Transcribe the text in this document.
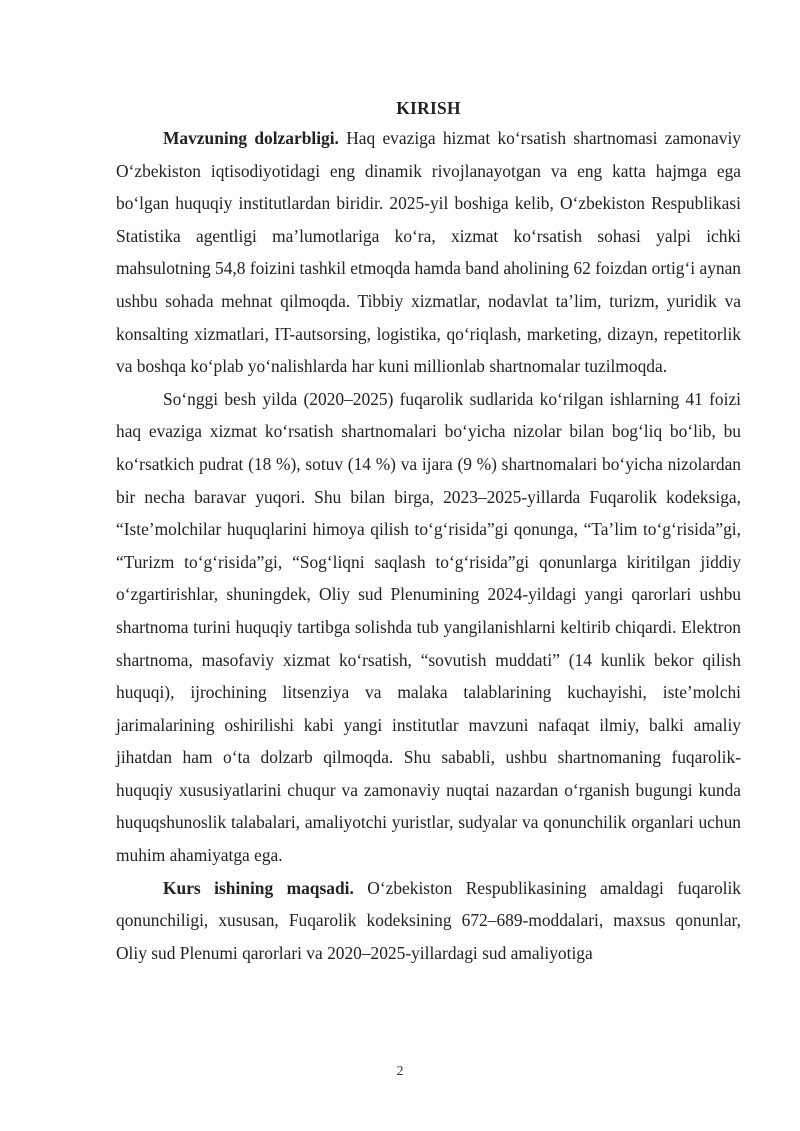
KIRISH

Mavzuning dolzarbligi. Haq evaziga hizmat koʻrsatish shartnomasi zamonaviy Oʻzbekiston iqtisodiyotidagi eng dinamik rivojlanayotgan va eng katta hajmga ega boʻlgan huquqiy institutlardan biridir. 2025-yil boshiga kelib, Oʻzbekiston Respublikasi Statistika agentligi maʼlumotlariga koʻra, xizmat koʻrsatish sohasi yalpi ichki mahsulotning 54,8 foizini tashkil etmoqda hamda band aholining 62 foizdan ortigʻi aynan ushbu sohada mehnat qilmoqda. Tibbiy xizmatlar, nodavlat taʼlim, turizm, yuridik va konsalting xizmatlari, IT-autsorsing, logistika, qoʻriqlash, marketing, dizayn, repetitorlik va boshqa koʻplab yoʻnalishlarda har kuni millionlab shartnomalar tuzilmoqda.

Soʻnggi besh yilda (2020–2025) fuqarolik sudlarida koʻrilgan ishlarning 41 foizi haq evaziga xizmat koʻrsatish shartnomalari boʻyicha nizolar bilan bogʻliq boʻlib, bu koʻrsatkich pudrat (18 %), sotuv (14 %) va ijara (9 %) shartnomalari boʻyicha nizolardan bir necha baravar yuqori. Shu bilan birga, 2023–2025-yillarda Fuqarolik kodeksiga, “Isteʼmolchilar huquqlarini himoya qilish toʻgʻrisida”gi qonunga, “Taʼlim toʻgʻrisida”gi, “Turizm toʻgʻrisida”gi, “Sogʻliqni saqlash toʻgʻrisida”gi qonunlarga kiritilgan jiddiy oʻzgartirishlar, shuningdek, Oliy sud Plenumining 2024-yildagi yangi qarorlari ushbu shartnoma turini huquqiy tartibga solishda tub yangilanishlarni keltirib chiqardi. Elektron shartnoma, masofaviy xizmat koʻrsatish, “sovutish muddati” (14 kunlik bekor qilish huquqi), ijrochining litsenziya va malaka talablarining kuchayishi, isteʼmolchi jarimalarining oshirilishi kabi yangi institutlar mavzuni nafaqat ilmiy, balki amaliy jihatdan ham oʻta dolzarb qilmoqda. Shu sababli, ushbu shartnomaning fuqarolik-huquqiy xususiyatlarini chuqur va zamonaviy nuqtai nazardan oʻrganish bugungi kunda huquqshunoslik talabalari, amaliyotchi yuristlar, sudyalar va qonunchilik organlari uchun muhim ahamiyatga ega.

Kurs ishining maqsadi. Oʻzbekiston Respublikasining amaldagi fuqarolik qonunchiligi, xususan, Fuqarolik kodeksining 672–689-moddalari, maxsus qonunlar, Oliy sud Plenumi qarorlari va 2020–2025-yillardagi sud amaliyotiga

2
